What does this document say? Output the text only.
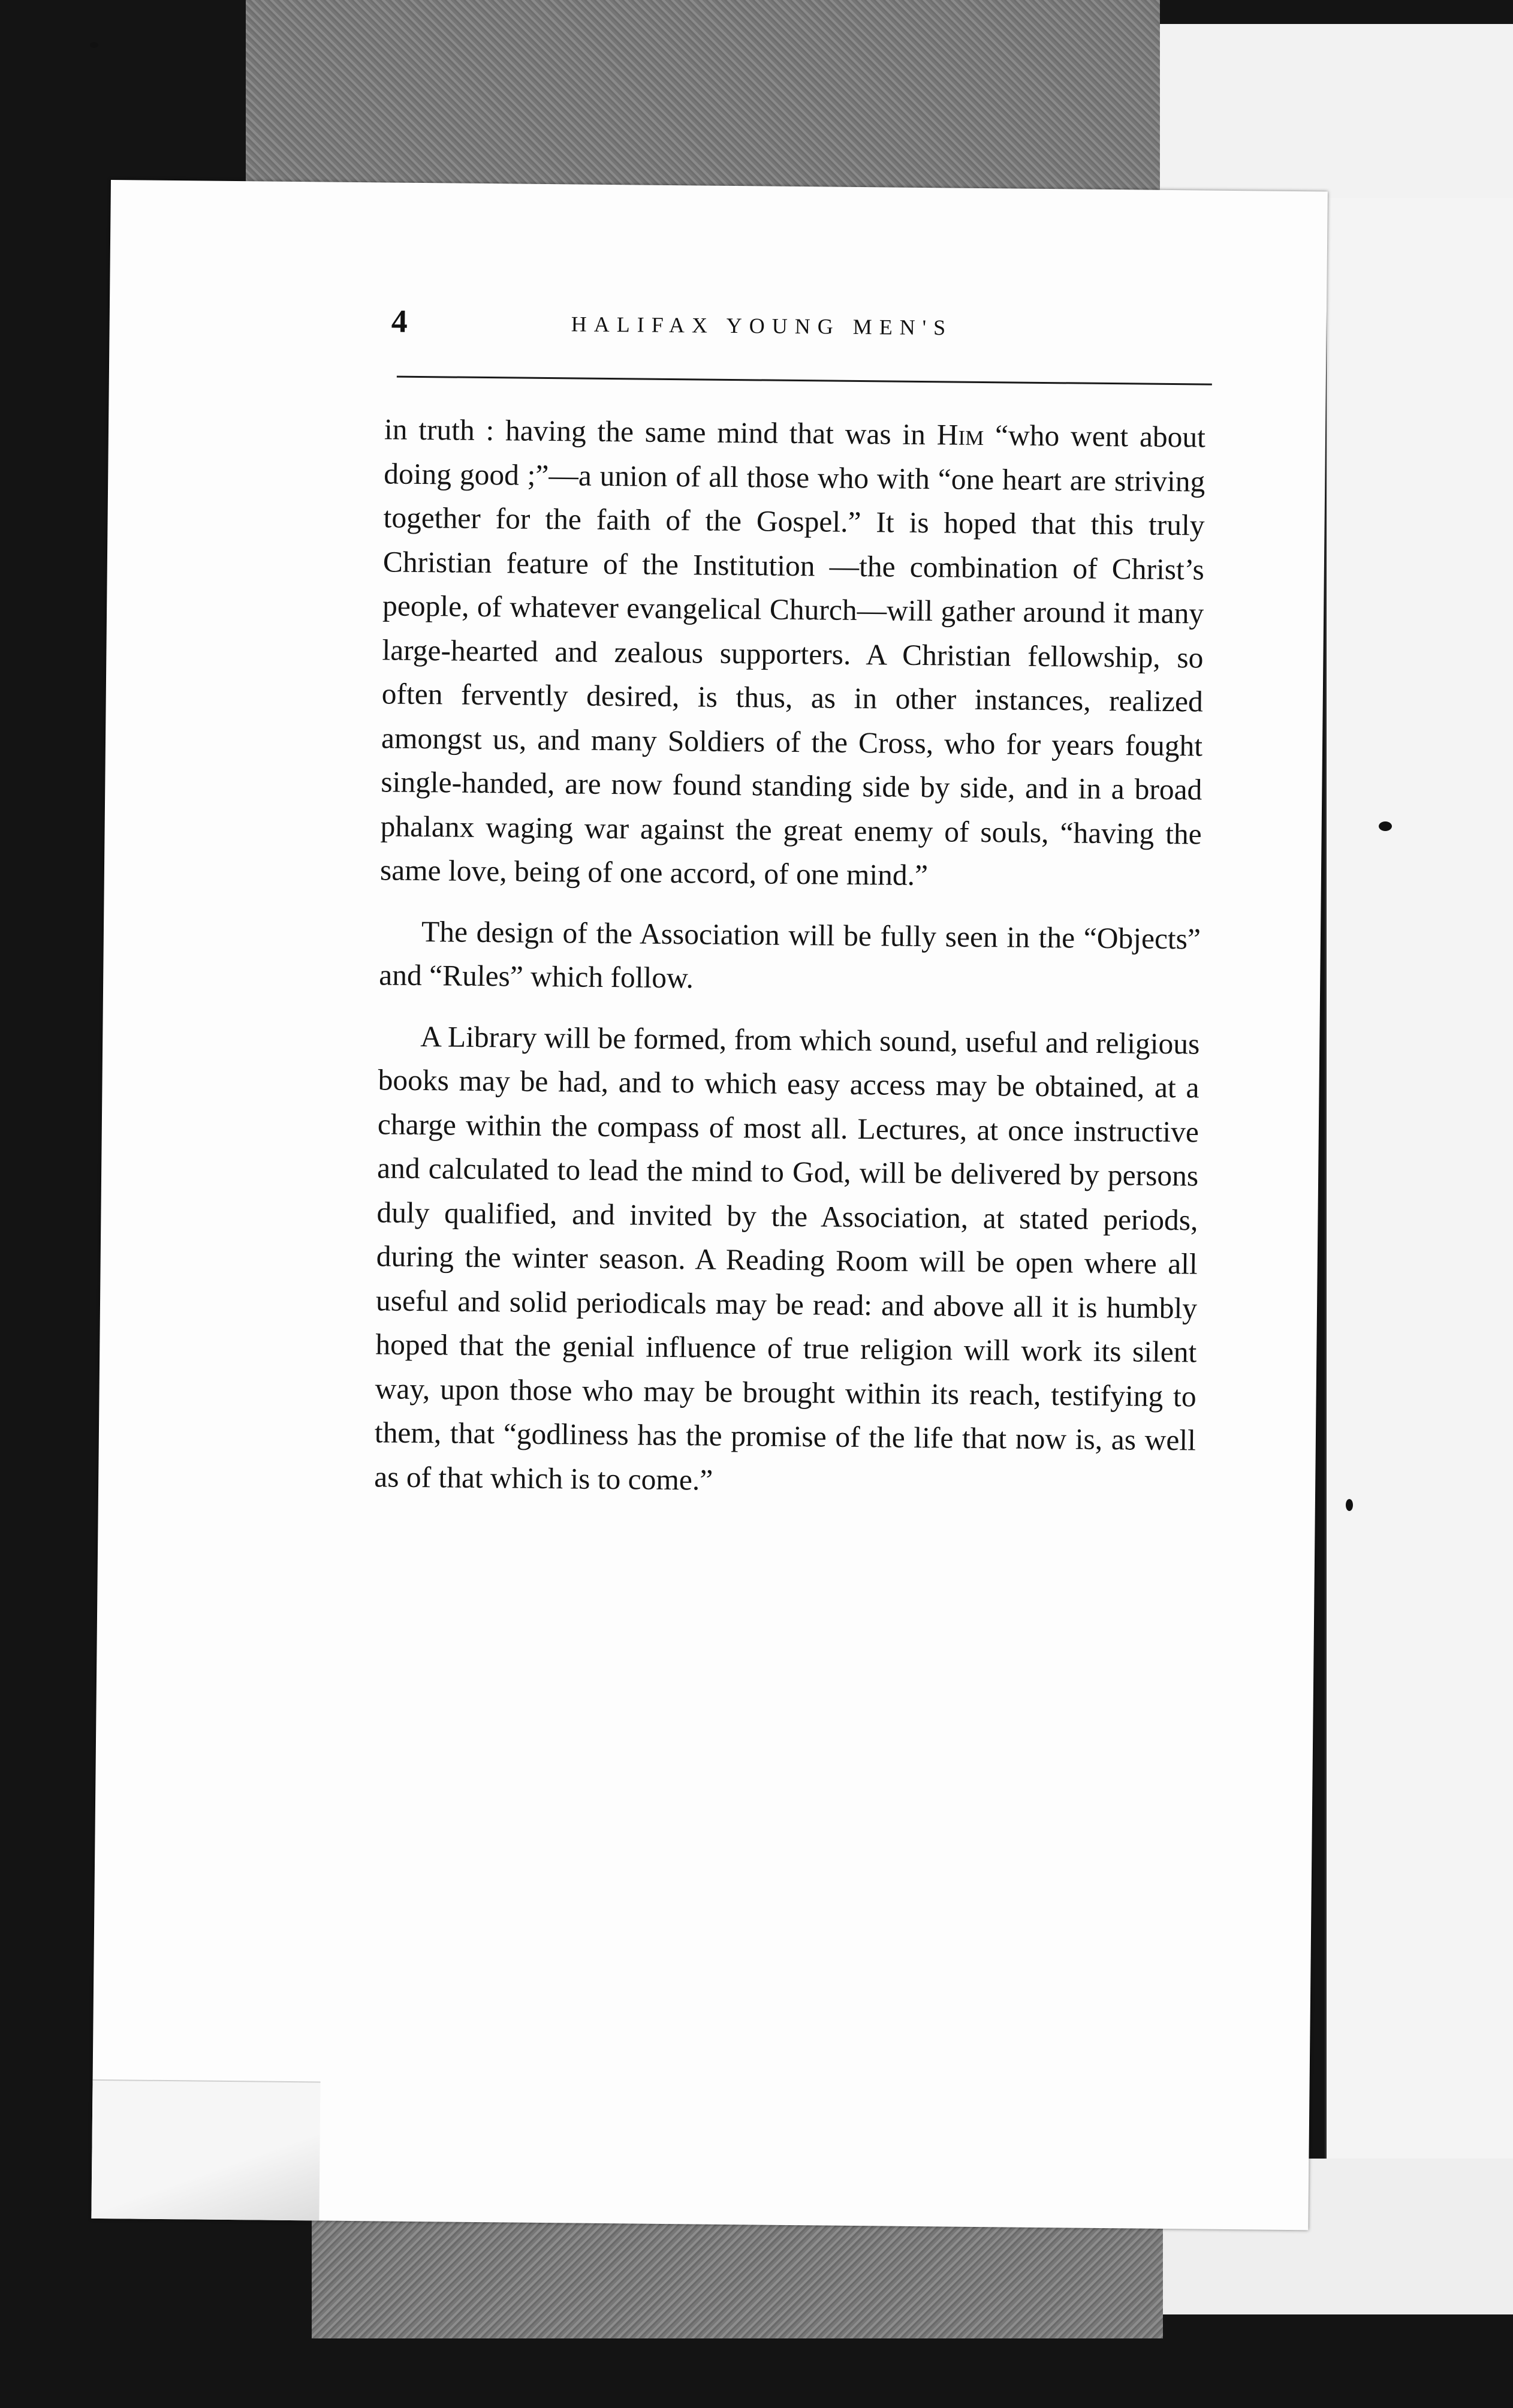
4	HALIFAX YOUNG MEN'S

in truth : having the same mind that was in Him “who went about doing good ;”—a union of all those who with “one heart are striving together for the faith of the Gospel.” It is hoped that this truly Christian feature of the Institution —the combination of Christ’s people, of whatever evangelical Church—will gather around it many large-hearted and zealous supporters. A Christian fellowship, so often fervently desired, is thus, as in other instances, realized amongst us, and many Soldiers of the Cross, who for years fought single-handed, are now found standing side by side, and in a broad phalanx waging war against the great enemy of souls, “having the same love, being of one accord, of one mind.”

The design of the Association will be fully seen in the “Objects” and “Rules” which follow.

A Library will be formed, from which sound, useful and religious books may be had, and to which easy access may be obtained, at a charge within the compass of most all. Lectures, at once instructive and calculated to lead the mind to God, will be delivered by persons duly qualified, and invited by the Association, at stated periods, during the winter season. A Reading Room will be open where all useful and solid periodicals may be read: and above all it is humbly hoped that the genial influence of true religion will work its silent way, upon those who may be brought within its reach, testifying to them, that “godliness has the promise of the life that now is, as well as of that which is to come.”
